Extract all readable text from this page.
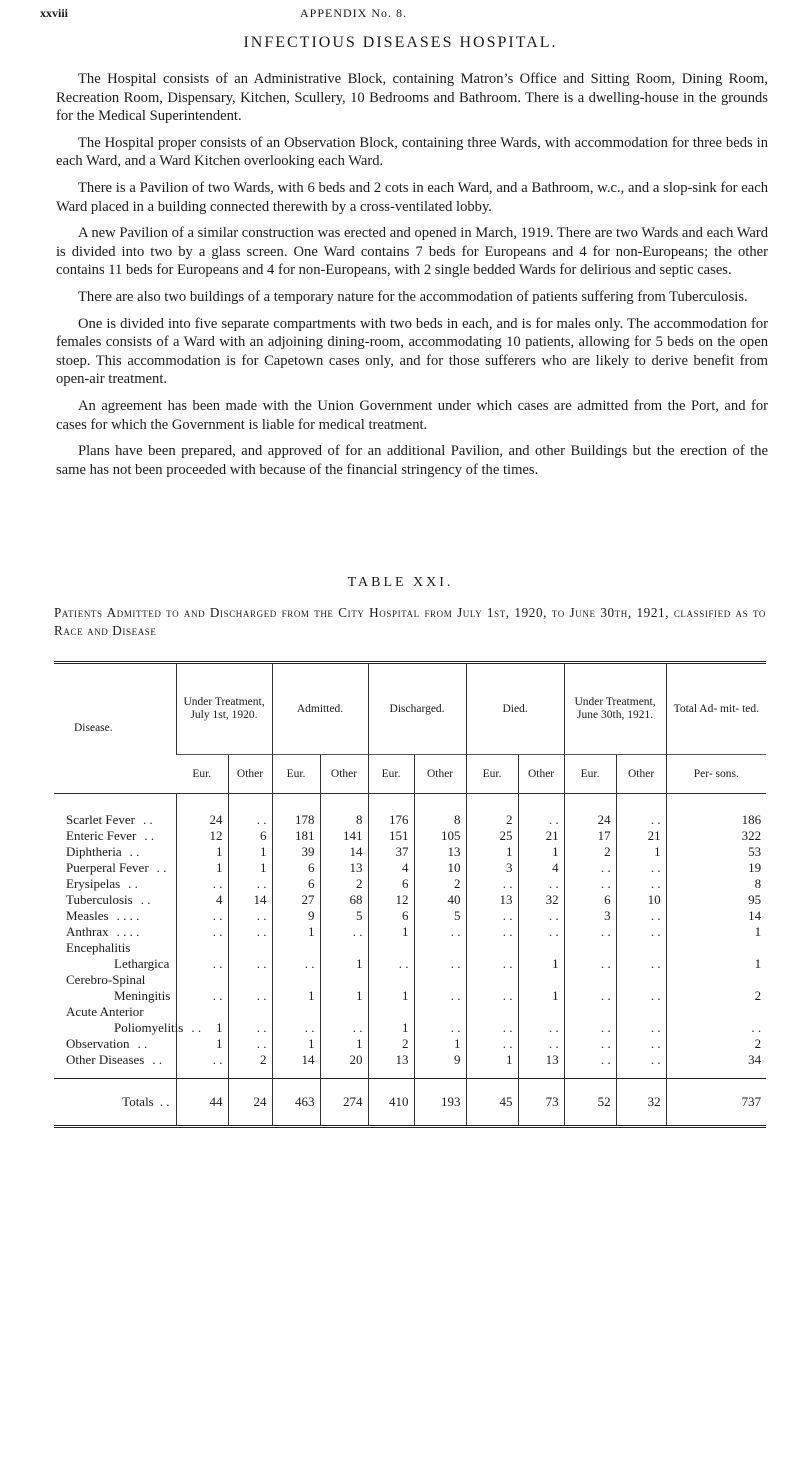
xxviii	APPENDIX No. 8.
INFECTIOUS DISEASES HOSPITAL.

The Hospital consists of an Administrative Block, containing Matron’s Office and Sitting Room, Dining Room, Recreation Room, Dispensary, Kitchen, Scullery, 10 Bedrooms and Bathroom. There is a dwelling-house in the grounds for the Medical Superintendent.

The Hospital proper consists of an Observation Block, containing three Wards, with accommodation for three beds in each Ward, and a Ward Kitchen overlooking each Ward.

There is a Pavilion of two Wards, with 6 beds and 2 cots in each Ward, and a Bathroom, w.c., and a slop-sink for each Ward placed in a building connected therewith by a cross-ventilated lobby.

A new Pavilion of a similar construction was erected and opened in March, 1919. There are two Wards and each Ward is divided into two by a glass screen. One Ward contains 7 beds for Europeans and 4 for non-Europeans; the other contains 11 beds for Europeans and 4 for non-Europeans, with 2 single bedded Wards for delirious and septic cases.

There are also two buildings of a temporary nature for the accommodation of patients suffering from Tuberculosis.

One is divided into five separate compartments with two beds in each, and is for males only. The accommodation for females consists of a Ward with an adjoining dining-room, accommodating 10 patients, allowing for 5 beds on the open stoep. This accommodation is for Capetown cases only, and for those sufferers who are likely to derive benefit from open-air treatment.

An agreement has been made with the Union Government under which cases are admitted from the Port, and for cases for which the Government is liable for medical treatment.

Plans have been prepared, and approved of for an additional Pavilion, and other Buildings but the erection of the same has not been proceeded with because of the financial stringency of the times.

TABLE XXI.
Patients Admitted to and Discharged from the City Hospital from July 1st, 1920, to June 30th, 1921, classified as to Race and Disease
Disease.	Under Treatment, July 1st, 1920.		Admitted.		Discharged.		Died.		Under Treatment, June 30th, 1921.		Total Ad- mit- ted.
	Eur.	Other	Eur.	Other	Eur.	Other	Eur.	Other	Eur.	Other	Per- sons.
Scarlet Fever . .	24	. .	178	8	176	8	2	. .	24	. .	186
Enteric Fever . .	12	6	181	141	151	105	25	21	17	21	322
Diphtheria . .	1	1	39	14	37	13	1	1	2	1	53
Puerperal Fever . .	1	1	6	13	4	10	3	4	. .	. .	19
Erysipelas . .	. .	. .	6	2	6	2	. .	. .	. .	. .	8
Tuberculosis . .	4	14	27	68	12	40	13	32	6	10	95
Measles . . . .	. .	. .	9	5	6	5	. .	. .	3	. .	14
Anthrax . . . .	. .	. .	1	. .	1	. .	. .	. .	. .	. .	1
Encephalitis											
Lethargica	. .	. .	. .	1	. .	. .	. .	1	. .	. .	1
Cerebro-Spinal											
Meningitis	. .	. .	1	1	1	. .	. .	1	. .	. .	2
Acute Anterior											
Poliomyelitis . .	1	. .	. .	. .	1	. .	. .	. .	. .	. .	. .
Observation . .	1	. .	1	1	2	1	. .	. .	. .	. .	2
Other Diseases . .	. .	2	14	20	13	9	1	13	. .	. .	34

Totals . .	44	24	463	274	410	193	45	73	52	32	737
